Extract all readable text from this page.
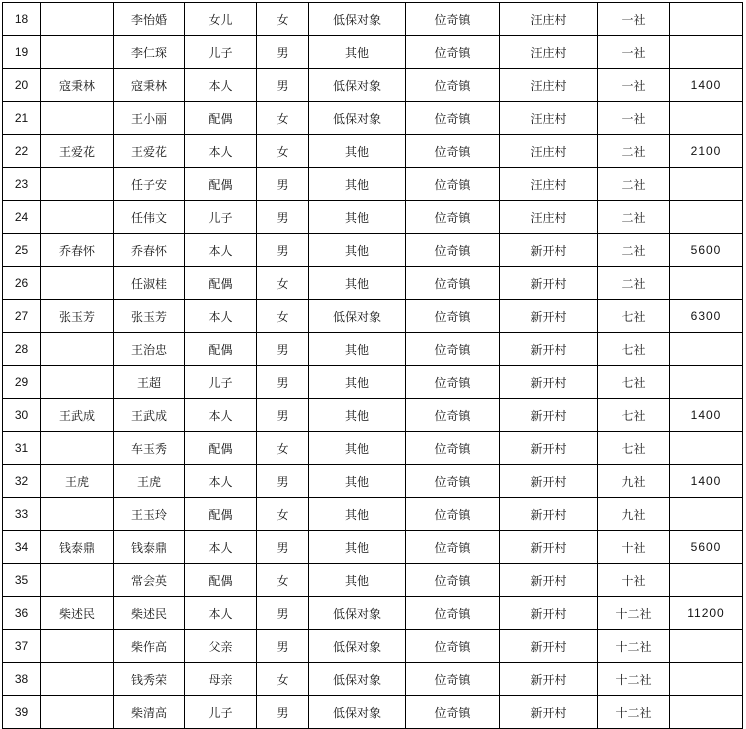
18		李怡婚	女儿	女	低保对象	位奇镇	汪庄村	一社	
19		李仁琛	儿子	男	其他	位奇镇	汪庄村	一社	
20	寇秉林	寇秉林	本人	男	低保对象	位奇镇	汪庄村	一社	1400
21		王小丽	配偶	女	低保对象	位奇镇	汪庄村	一社	
22	王爱花	王爱花	本人	女	其他	位奇镇	汪庄村	二社	2100
23		任子安	配偶	男	其他	位奇镇	汪庄村	二社	
24		任伟文	儿子	男	其他	位奇镇	汪庄村	二社	
25	乔春怀	乔春怀	本人	男	其他	位奇镇	新开村	二社	5600
26		任淑桂	配偶	女	其他	位奇镇	新开村	二社	
27	张玉芳	张玉芳	本人	女	低保对象	位奇镇	新开村	七社	6300
28		王治忠	配偶	男	其他	位奇镇	新开村	七社	
29		王超	儿子	男	其他	位奇镇	新开村	七社	
30	王武成	王武成	本人	男	其他	位奇镇	新开村	七社	1400
31		车玉秀	配偶	女	其他	位奇镇	新开村	七社	
32	王虎	王虎	本人	男	其他	位奇镇	新开村	九社	1400
33		王玉玲	配偶	女	其他	位奇镇	新开村	九社	
34	钱泰鼎	钱泰鼎	本人	男	其他	位奇镇	新开村	十社	5600
35		常会英	配偶	女	其他	位奇镇	新开村	十社	
36	柴述民	柴述民	本人	男	低保对象	位奇镇	新开村	十二社	11200
37		柴作高	父亲	男	低保对象	位奇镇	新开村	十二社	
38		钱秀荣	母亲	女	低保对象	位奇镇	新开村	十二社	
39		柴清高	儿子	男	低保对象	位奇镇	新开村	十二社	
